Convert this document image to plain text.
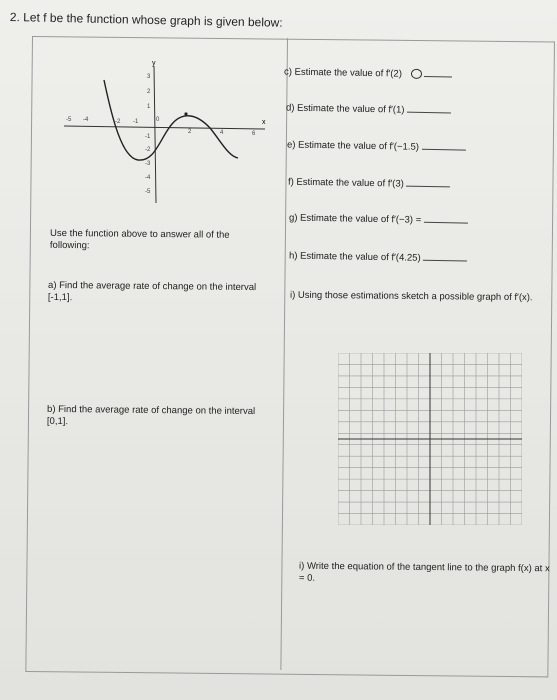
2. Let f be the function whose graph is given below:
x
y
-5 -4	-2 -1	0
2	4	6
3
2
1
-1
-2
-3
-4
-5
Use the function above to answer all of the following:
a) Find the average rate of change on the interval [-1,1].
b) Find the average rate of change on the interval [0,1].
c) Estimate the value of f′(2)
d) Estimate the value of f′(1)
e) Estimate the value of f′(−1.5)
f) Estimate the value of f′(3)
g) Estimate the value of f′(−3) =
h) Estimate the value of f′(4.25)
i) Using those estimations sketch a possible graph of f′(x).
i) Write the equation of the tangent line to the graph f(x) at x = 0.
